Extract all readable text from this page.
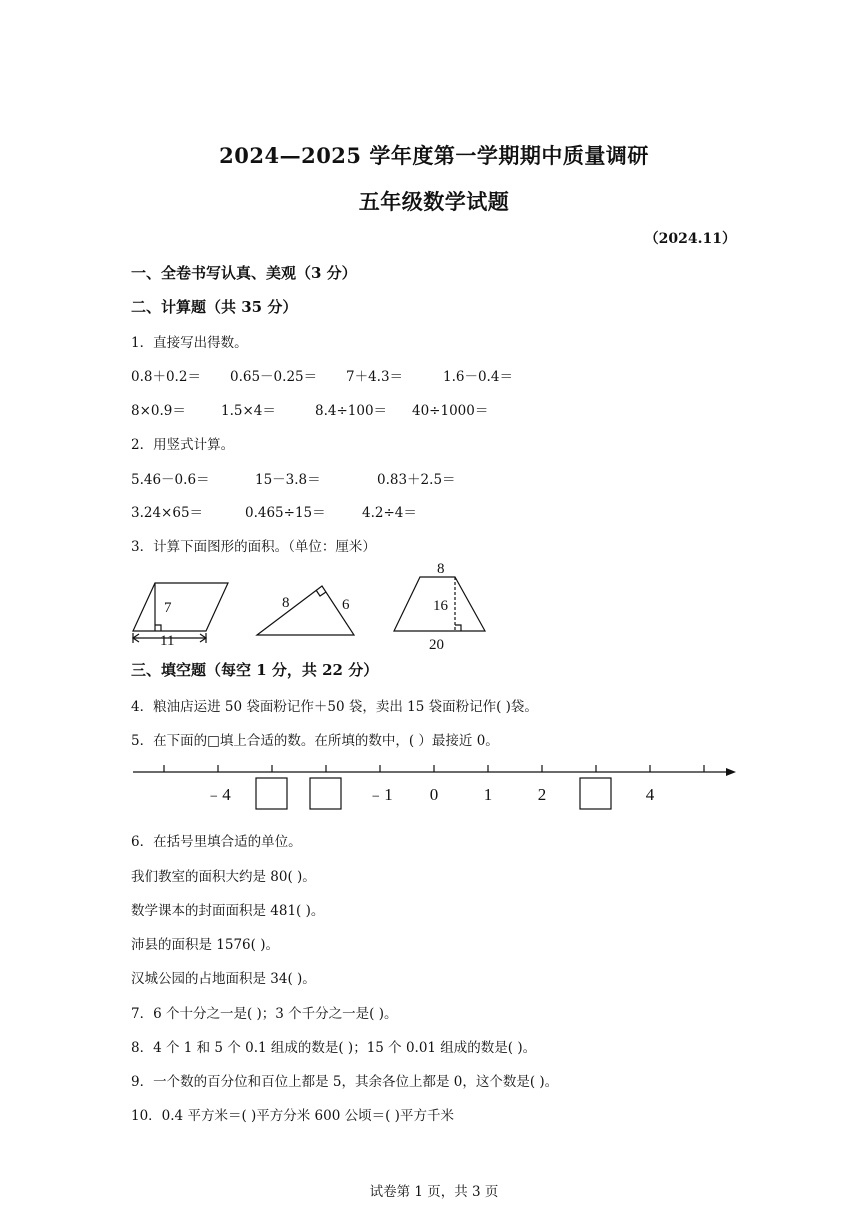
2024—2025 学年度第一学期期中质量调研
五年级数学试题
（2024.11）
一、全卷书写认真、美观（3 分）
二、计算题（共 35 分）
1．直接写出得数。
0.8＋0.2＝ 0.65－0.25＝ 7＋4.3＝	1.6－0.4＝
8×0.9＝	1.5×4＝	8.4÷100＝ 40÷1000＝
2．用竖式计算。
5.46－0.6＝	15－3.8＝	0.83＋2.5＝
3.24×65＝	0.465÷15＝	4.2÷4＝
3．计算下面图形的面积。（单位：厘米）
7
11
8	6
8
16
20
三、填空题（每空 1 分，共 22 分）
4．粮油店运进 50 袋面粉记作＋50 袋，卖出 15 袋面粉记作( )袋。
5．在下面的□填上合适的数。在所填的数中，( ）最接近 0。
﹣4	﹣1 0	1	2	4
6．在括号里填合适的单位。
我们教室的面积大约是 80( )。
数学课本的封面面积是 481( )。
沛县的面积是 1576( )。
汉城公园的占地面积是 34( )。
7．6 个十分之一是( )；3 个千分之一是( )。
8．4 个 1 和 5 个 0.1 组成的数是( )；15 个 0.01 组成的数是( )。
9．一个数的百分位和百位上都是 5，其余各位上都是 0，这个数是( )。
10．0.4 平方米＝( )平方分米 600 公顷＝( )平方千米
试卷第 1 页，共 3 页
